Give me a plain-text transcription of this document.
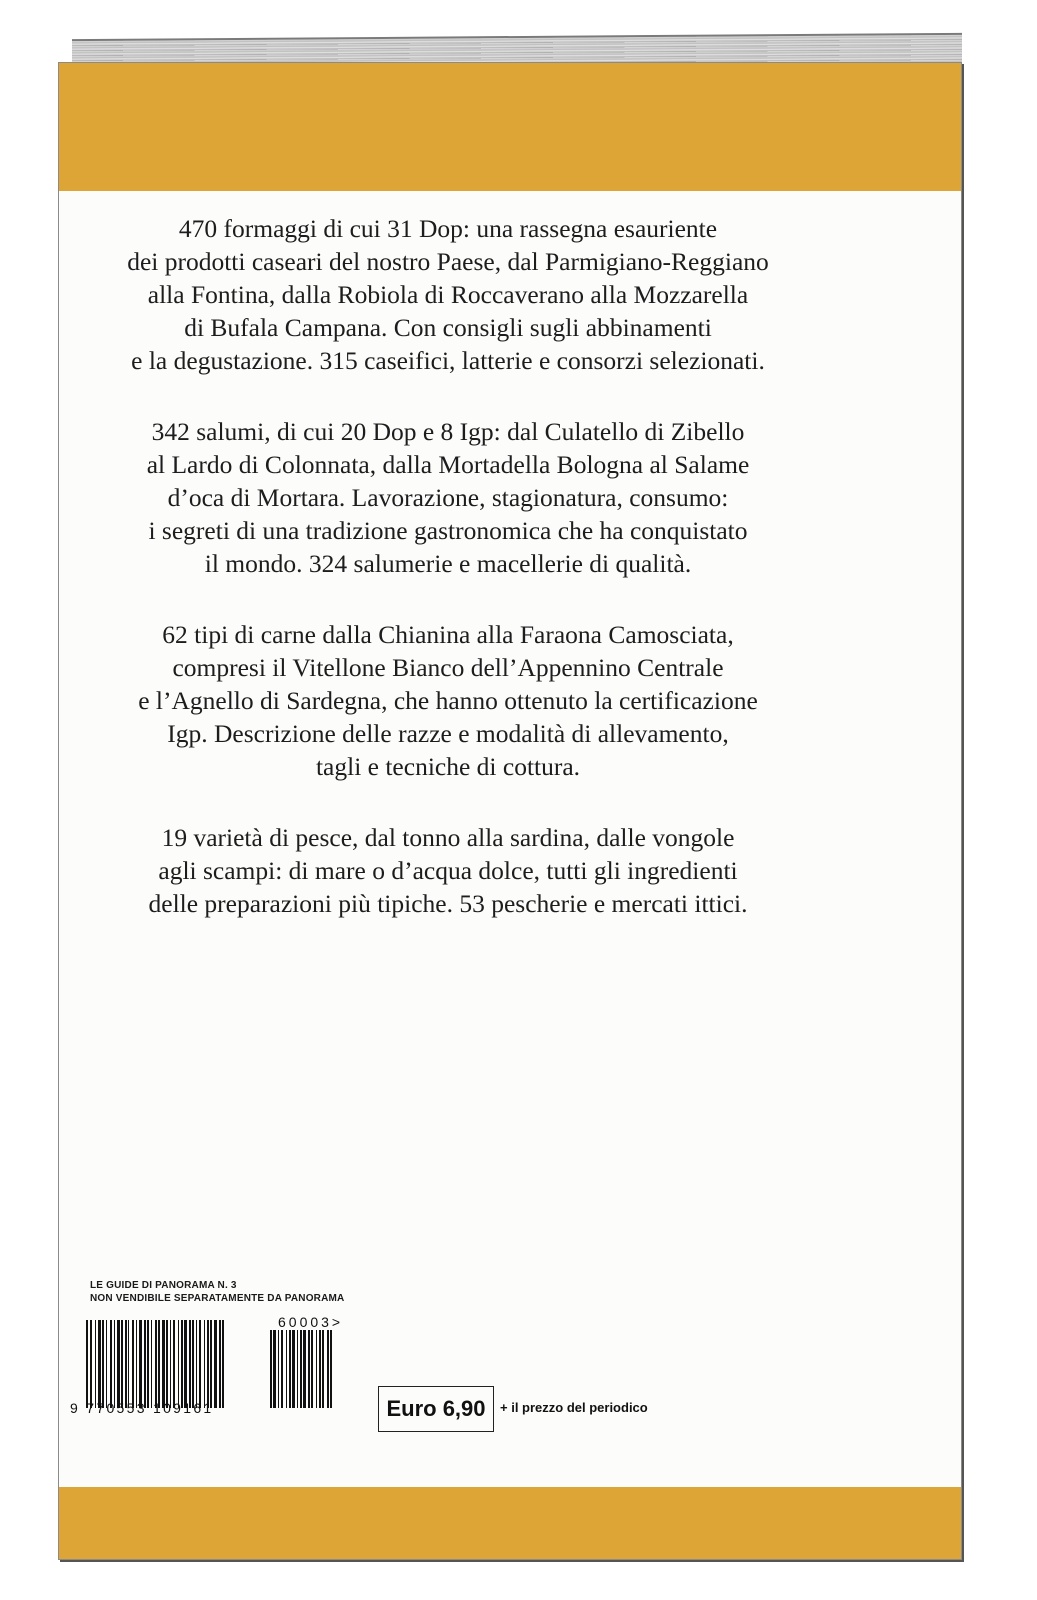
470 formaggi di cui 31 Dop: una rassegna esauriente
dei prodotti caseari del nostro Paese, dal Parmigiano-Reggiano
alla Fontina, dalla Robiola di Roccaverano alla Mozzarella
di Bufala Campana. Con consigli sugli abbinamenti
e la degustazione. 315 caseifici, latterie e consorzi selezionati.
342 salumi, di cui 20 Dop e 8 Igp: dal Culatello di Zibello
al Lardo di Colonnata, dalla Mortadella Bologna al Salame
d’oca di Mortara. Lavorazione, stagionatura, consumo:
i segreti di una tradizione gastronomica che ha conquistato
il mondo. 324 salumerie e macellerie di qualità.
62 tipi di carne dalla Chianina alla Faraona Camosciata,
compresi il Vitellone Bianco dell’Appennino Centrale
e l’Agnello di Sardegna, che hanno ottenuto la certificazione
Igp. Descrizione delle razze e modalità di allevamento,
tagli e tecniche di cottura.
19 varietà di pesce, dal tonno alla sardina, dalle vongole
agli scampi: di mare o d’acqua dolce, tutti gli ingredienti
delle preparazioni più tipiche. 53 pescherie e mercati ittici.
LE GUIDE DI PANORAMA N. 3
NON VENDIBILE SEPARATAMENTE DA PANORAMA
60003>
9 770553 109161	Euro 6,90	+ il prezzo del periodico
